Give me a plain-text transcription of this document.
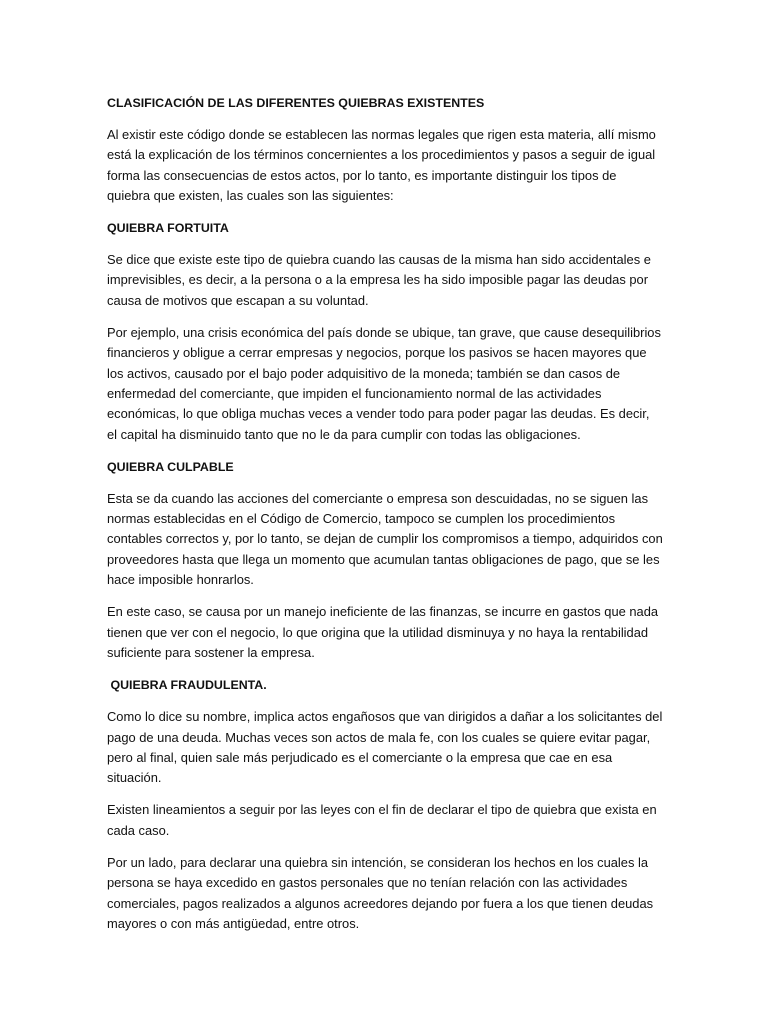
CLASIFICACIÓN DE LAS DIFERENTES QUIEBRAS EXISTENTES

Al existir este código donde se establecen las normas legales que rigen esta materia, allí mismo está la explicación de los términos concernientes a los procedimientos y pasos a seguir de igual forma las consecuencias de estos actos, por lo tanto, es importante distinguir los tipos de quiebra que existen, las cuales son las siguientes:

QUIEBRA FORTUITA

Se dice que existe este tipo de quiebra cuando las causas de la misma han sido accidentales e imprevisibles, es decir, a la persona o a la empresa les ha sido imposible pagar las deudas por causa de motivos que escapan a su voluntad.

Por ejemplo, una crisis económica del país donde se ubique, tan grave, que cause desequilibrios financieros y obligue a cerrar empresas y negocios, porque los pasivos se hacen mayores que los activos, causado por el bajo poder adquisitivo de la moneda; también se dan casos de enfermedad del comerciante, que impiden el funcionamiento normal de las actividades económicas, lo que obliga muchas veces a vender todo para poder pagar las deudas. Es decir, el capital ha disminuido tanto que no le da para cumplir con todas las obligaciones.

QUIEBRA CULPABLE

Esta se da cuando las acciones del comerciante o empresa son descuidadas, no se siguen las normas establecidas en el Código de Comercio, tampoco se cumplen los procedimientos contables correctos y, por lo tanto, se dejan de cumplir los compromisos a tiempo, adquiridos con proveedores hasta que llega un momento que acumulan tantas obligaciones de pago, que se les hace imposible honrarlos.

En este caso, se causa por un manejo ineficiente de las finanzas, se incurre en gastos que nada tienen que ver con el negocio, lo que origina que la utilidad disminuya y no haya la rentabilidad suficiente para sostener la empresa.

QUIEBRA FRAUDULENTA.

Como lo dice su nombre, implica actos engañosos que van dirigidos a dañar a los solicitantes del pago de una deuda. Muchas veces son actos de mala fe, con los cuales se quiere evitar pagar, pero al final, quien sale más perjudicado es el comerciante o la empresa que cae en esa situación.

Existen lineamientos a seguir por las leyes con el fin de declarar el tipo de quiebra que exista en cada caso.

Por un lado, para declarar una quiebra sin intención, se consideran los hechos en los cuales la persona se haya excedido en gastos personales que no tenían relación con las actividades comerciales, pagos realizados a algunos acreedores dejando por fuera a los que tienen deudas mayores o con más antigüedad, entre otros.
